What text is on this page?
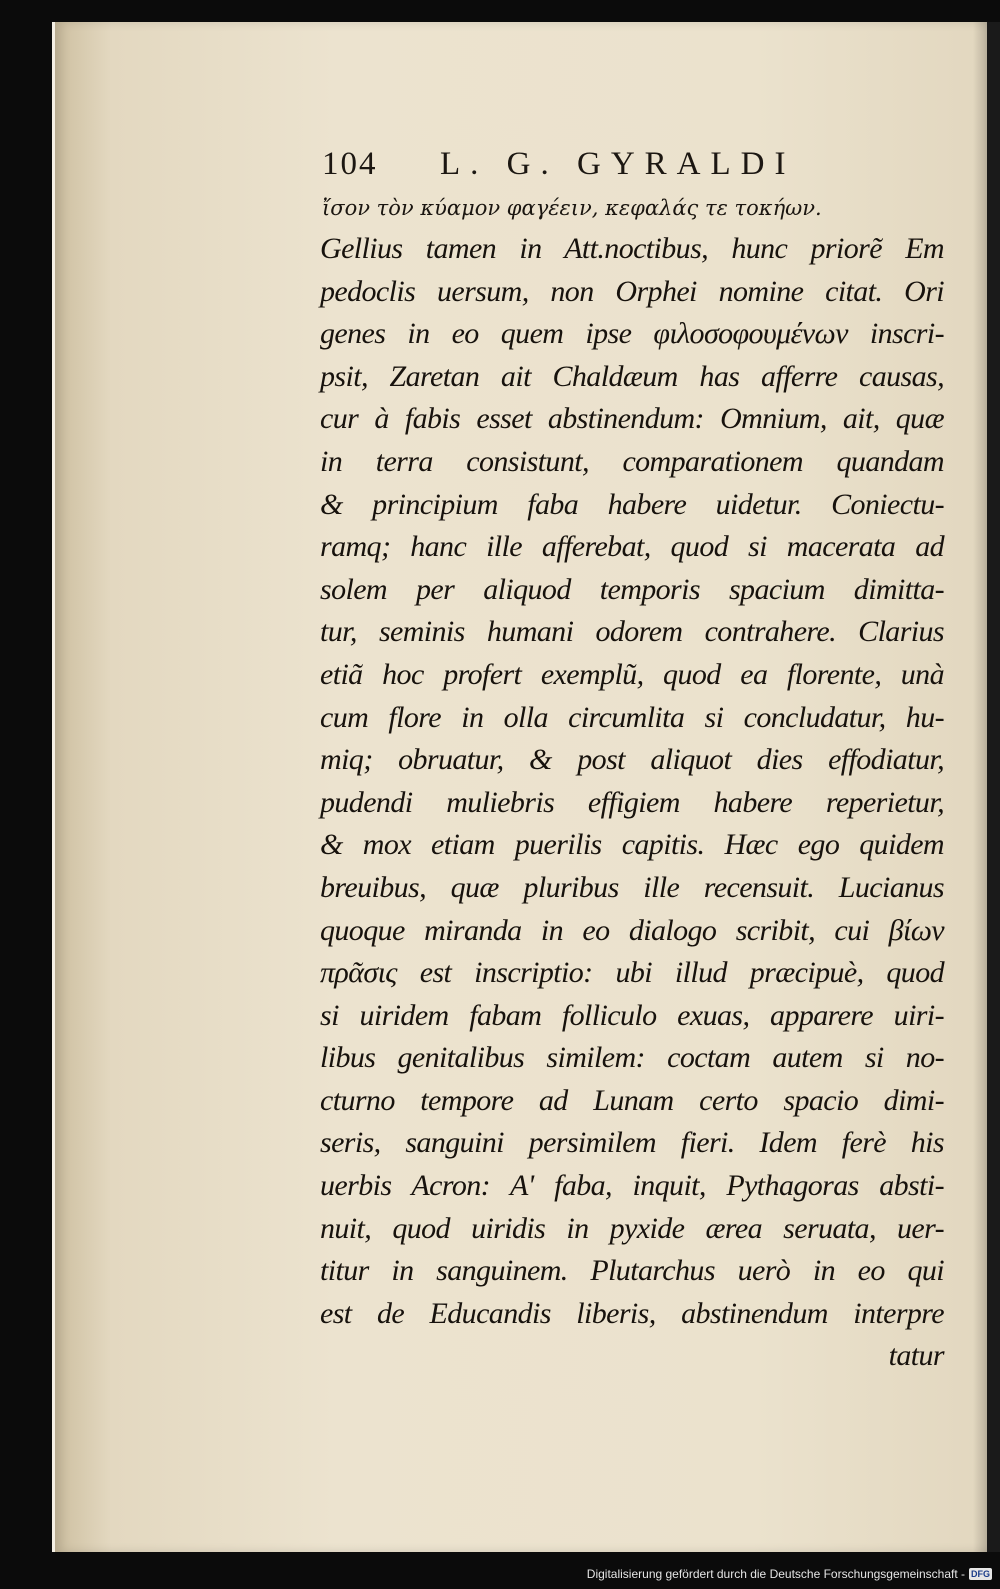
104 L. G. GYRALDI
ἴσον τὸν κύαμον φαγέειν, κεφαλάς τε τοκήων.
Gellius tamen in Att.noctibus, hunc priorẽ Em
pedoclis uersum, non Orphei nomine citat. Ori
genes in eo quem ipse φιλοσοφουμένων inscri-
psit, Zaretan ait Chaldæum has afferre causas,
cur à fabis esset abstinendum: Omnium, ait, quæ
in terra consistunt, comparationem quandam
& principium faba habere uidetur. Coniectu-
ramq; hanc ille afferebat, quod si macerata ad
solem per aliquod temporis spacium dimitta-
tur, seminis humani odorem contrahere. Clarius
etiã hoc profert exemplũ, quod ea florente, unà
cum flore in olla circumlita si concludatur, hu-
miq; obruatur, & post aliquot dies effodiatur,
pudendi muliebris effigiem habere reperietur,
& mox etiam puerilis capitis. Hæc ego quidem
breuibus, quæ pluribus ille recensuit. Lucianus
quoque miranda in eo dialogo scribit, cui βίων
πρᾶσις est inscriptio: ubi illud præcipuè, quod
si uiridem fabam folliculo exuas, apparere uiri-
libus genitalibus similem: coctam autem si no-
cturno tempore ad Lunam certo spacio dimi-
seris, sanguini persimilem fieri. Idem ferè his
uerbis Acron: A' faba, inquit, Pythagoras absti-
nuit, quod uiridis in pyxide ærea seruata, uer-
titur in sanguinem. Plutarchus uerò in eo qui
est de Educandis liberis, abstinendum interpre
tatur
Digitalisierung gefördert durch die Deutsche Forschungsgemeinschaft - DFG
